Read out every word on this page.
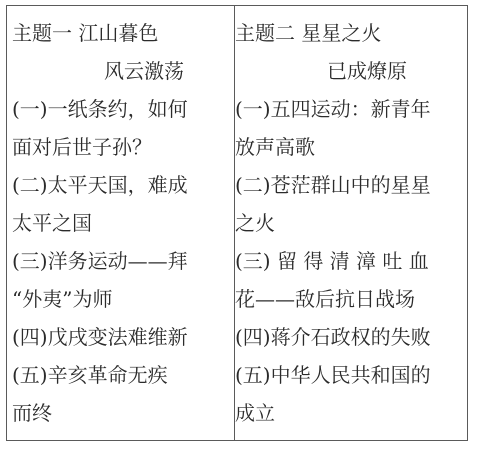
主题一 江山暮色
风云激荡
(一)一纸条约，如何
面对后世子孙？
(二)太平天国，难成
太平之国
(三)洋务运动——拜
“外夷”为师
(四)戊戌变法难维新
(五)辛亥革命无疾
而终
主题二 星星之火
已成燎原
(一)五四运动：新青年
放声高歌
(二)苍茫群山中的星星
之火
(三) 留 得 清 漳 吐 血
花——敌后抗日战场
(四)蒋介石政权的失败
(五)中华人民共和国的
成立
